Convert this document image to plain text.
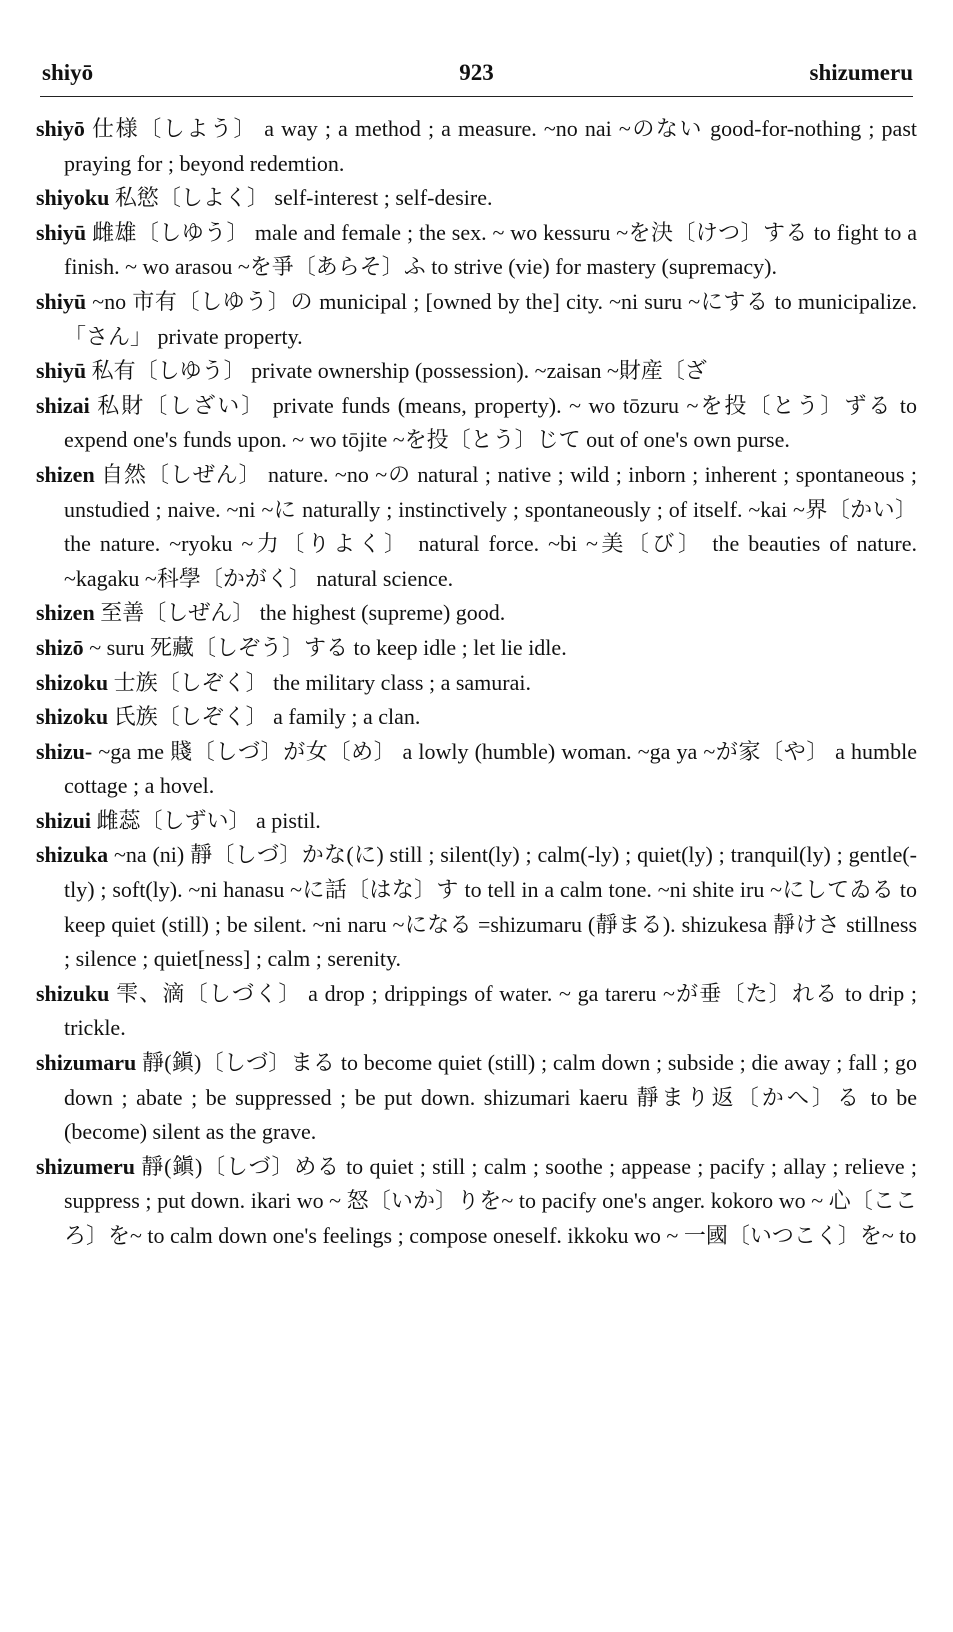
shiyō	923	shizumeru

shiyō 仕様〔しよう〕 a way ; a method ; a measure. ~no nai ~のない good-for-nothing ; past praying for ; beyond redemtion.

shiyoku 私慾〔しよく〕 self-interest ; self-desire.

shiyū 雌雄〔しゆう〕 male and female ; the sex. ~ wo kessuru ~を決〔けつ〕する to fight to a finish. ~ wo arasou ~を爭〔あらそ〕ふ to strive (vie) for mastery (supremacy).

shiyū ~no 市有〔しゆう〕の municipal ; [owned by the] city. ~ni suru ~にする to municipalize. 「さん」 private property.

shiyū 私有〔しゆう〕 private ownership (possession). ~zaisan ~財産〔ざ

shizai 私財〔しざい〕 private funds (means, property). ~ wo tōzuru ~を投〔とう〕ずる to expend one's funds upon. ~ wo tōjite ~を投〔とう〕じて out of one's own purse.

shizen 自然〔しぜん〕 nature. ~no ~の natural ; native ; wild ; inborn ; inherent ; spontaneous ; unstudied ; naive. ~ni ~に naturally ; instinctively ; spontaneously ; of itself. ~kai ~界〔かい〕 the nature. ~ryoku ~力〔りよく〕 natural force. ~bi ~美〔び〕 the beauties of nature. ~kagaku ~科學〔かがく〕 natural science.

shizen 至善〔しぜん〕 the highest (supreme) good.

shizō ~ suru 死藏〔しぞう〕する to keep idle ; let lie idle.

shizoku 士族〔しぞく〕 the military class ; a samurai.

shizoku 氏族〔しぞく〕 a family ; a clan.

shizu- ~ga me 賤〔しづ〕が女〔め〕 a lowly (humble) woman. ~ga ya ~が家〔や〕 a humble cottage ; a hovel.

shizui 雌蕊〔しずい〕 a pistil.

shizuka ~na (ni) 靜〔しづ〕かな(に) still ; silent(ly) ; calm(-ly) ; quiet(ly) ; tranquil(ly) ; gentle(-tly) ; soft(ly). ~ni hanasu ~に話〔はな〕す to tell in a calm tone. ~ni shite iru ~にしてゐる to keep quiet (still) ; be silent. ~ni naru ~になる =shizumaru (靜まる). shizukesa 靜けさ stillness ; silence ; quiet[ness] ; calm ; serenity.

shizuku 雫、滴〔しづく〕 a drop ; drippings of water. ~ ga tareru ~が垂〔た〕れる to drip ; trickle.

shizumaru 靜(鎭)〔しづ〕まる to become quiet (still) ; calm down ; subside ; die away ; fall ; go down ; abate ; be suppressed ; be put down. shizumari kaeru 靜まり返〔かへ〕る to be (become) silent as the grave.

shizumeru 靜(鎭)〔しづ〕める to quiet ; still ; calm ; soothe ; appease ; pacify ; allay ; relieve ; suppress ; put down. ikari wo ~ 怒〔いか〕りを~ to pacify one's anger. kokoro wo ~ 心〔こころ〕を~ to calm down one's feelings ; compose oneself. ikkoku wo ~ 一國〔いつこく〕を~ to
